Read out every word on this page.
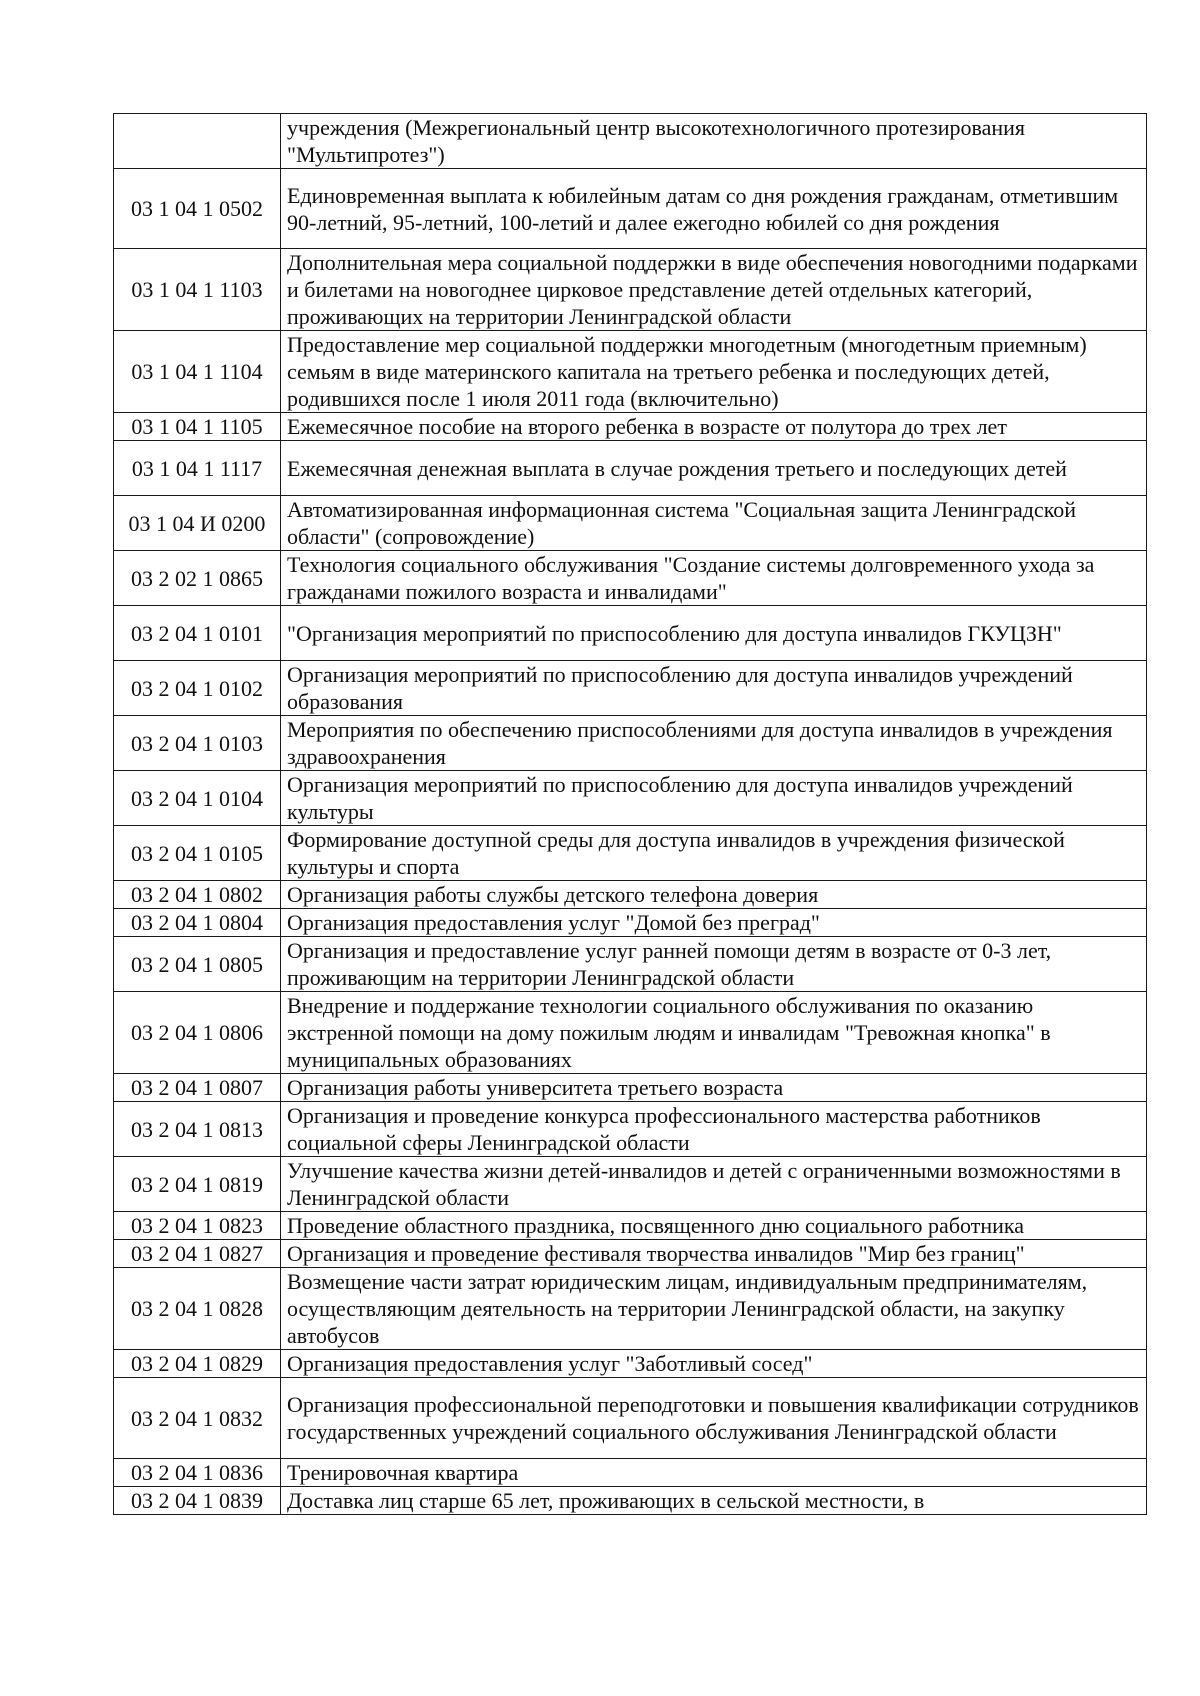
	учреждения (Межрегиональный центр высокотехнологичного протезирования "Мультипротез")
03 1 04 1 0502	Единовременная выплата к юбилейным датам со дня рождения гражданам, отметившим 90-летний, 95-летний, 100-летий и далее ежегодно юбилей со дня рождения
03 1 04 1 1103	Дополнительная мера социальной поддержки в виде обеспечения новогодними подарками и билетами на новогоднее цирковое представление детей отдельных категорий, проживающих на территории Ленинградской области
03 1 04 1 1104	Предоставление мер социальной поддержки многодетным (многодетным приемным) семьям в виде материнского капитала на третьего ребенка и последующих детей, родившихся после 1 июля 2011 года (включительно)
03 1 04 1 1105	Ежемесячное пособие на второго ребенка в возрасте от полутора до трех лет
03 1 04 1 1117	Ежемесячная денежная выплата в случае рождения третьего и последующих детей
03 1 04 И 0200	Автоматизированная информационная система "Социальная защита Ленинградской области" (сопровождение)
03 2 02 1 0865	Технология социального обслуживания "Создание системы долговременного ухода за гражданами пожилого возраста и инвалидами"
03 2 04 1 0101	"Организация мероприятий по приспособлению для доступа инвалидов ГКУЦЗН"
03 2 04 1 0102	Организация мероприятий по приспособлению для доступа инвалидов учреждений образования
03 2 04 1 0103	Мероприятия по обеспечению приспособлениями для доступа инвалидов в учреждения здравоохранения
03 2 04 1 0104	Организация мероприятий по приспособлению для доступа инвалидов учреждений культуры
03 2 04 1 0105	Формирование доступной среды для доступа инвалидов в учреждения физической культуры и спорта
03 2 04 1 0802	Организация работы службы детского телефона доверия
03 2 04 1 0804	Организация предоставления услуг "Домой без преград"
03 2 04 1 0805	Организация и предоставление услуг ранней помощи детям в возрасте от 0-3 лет, проживающим на территории Ленинградской области
03 2 04 1 0806	Внедрение и поддержание технологии социального обслуживания по оказанию экстренной помощи на дому пожилым людям и инвалидам "Тревожная кнопка" в муниципальных образованиях
03 2 04 1 0807	Организация работы университета третьего возраста
03 2 04 1 0813	Организация и проведение конкурса профессионального мастерства работников социальной сферы Ленинградской области
03 2 04 1 0819	Улучшение качества жизни детей-инвалидов и детей с ограниченными возможностями в Ленинградской области
03 2 04 1 0823	Проведение областного праздника, посвященного дню социального работника
03 2 04 1 0827	Организация и проведение фестиваля творчества инвалидов "Мир без границ"
03 2 04 1 0828	Возмещение части затрат юридическим лицам, индивидуальным предпринимателям, осуществляющим деятельность на территории Ленинградской области, на закупку автобусов
03 2 04 1 0829	Организация предоставления услуг "Заботливый сосед"
03 2 04 1 0832	Организация профессиональной переподготовки и повышения квалификации сотрудников государственных учреждений социального обслуживания Ленинградской области
03 2 04 1 0836	Тренировочная квартира
03 2 04 1 0839	Доставка лиц старше 65 лет, проживающих в сельской местности, в
